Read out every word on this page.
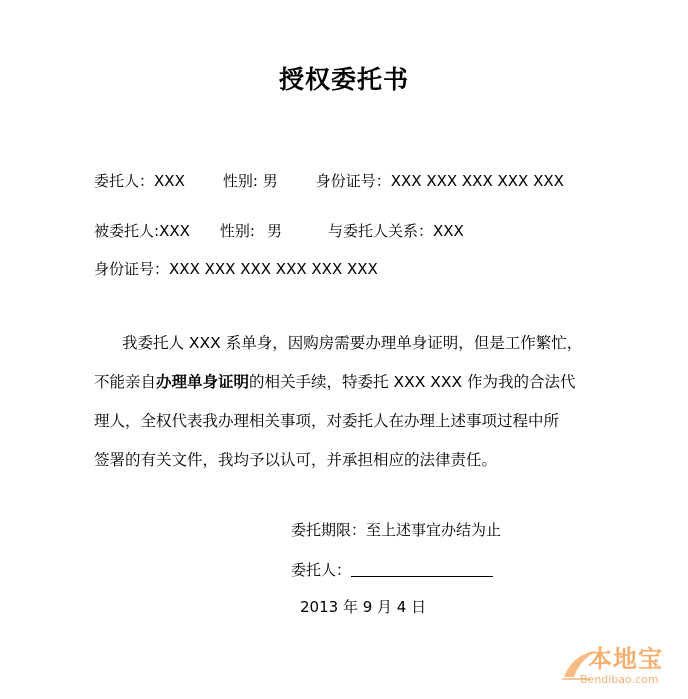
授权委托书
委托人：XXX	性别: 男	身份证号：XXX XXX XXX XXX XXX
被委托人:XXX 性别: 男	与委托人关系：XXX
身份证号：XXX XXX XXX XXX XXX XXX
我委托人 XXX 系单身，因购房需要办理单身证明，但是工作繁忙，
不能亲自办理单身证明的相关手续，特委托 XXX XXX 作为我的合法代
理人，全权代表我办理相关事项，对委托人在办理上述事项过程中所
签署的有关文件，我均予以认可，并承担相应的法律责任。
委托期限：至上述事宜办结为止
委托人：
2013 年 9 月 4 日
本地宝
Bendibao.com
